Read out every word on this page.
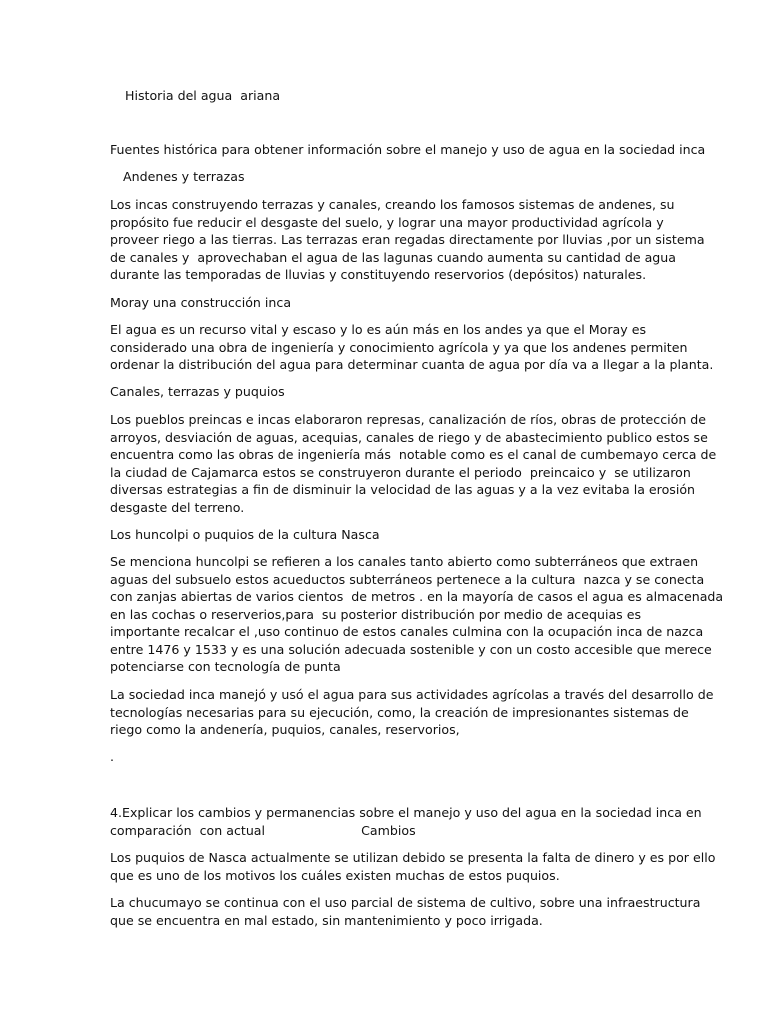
Historia del agua  ariana
Fuentes histórica para obtener información sobre el manejo y uso de agua en la sociedad inca
Andenes y terrazas
Los incas construyendo terrazas y canales, creando los famosos sistemas de andenes, su
propósito fue reducir el desgaste del suelo, y lograr una mayor productividad agrícola y
proveer riego a las tierras. Las terrazas eran regadas directamente por lluvias ,por un sistema
de canales y  aprovechaban el agua de las lagunas cuando aumenta su cantidad de agua
durante las temporadas de lluvias y constituyendo reservorios (depósitos) naturales.
Moray una construcción inca
El agua es un recurso vital y escaso y lo es aún más en los andes ya que el Moray es
considerado una obra de ingeniería y conocimiento agrícola y ya que los andenes permiten
ordenar la distribución del agua para determinar cuanta de agua por día va a llegar a la planta.
Canales, terrazas y puquios
Los pueblos preincas e incas elaboraron represas, canalización de ríos, obras de protección de
arroyos, desviación de aguas, acequias, canales de riego y de abastecimiento publico estos se
encuentra como las obras de ingeniería más  notable como es el canal de cumbemayo cerca de
la ciudad de Cajamarca estos se construyeron durante el periodo  preincaico y  se utilizaron
diversas estrategias a fin de disminuir la velocidad de las aguas y a la vez evitaba la erosión
desgaste del terreno.
Los huncolpi o puquios de la cultura Nasca
Se menciona huncolpi se refieren a los canales tanto abierto como subterráneos que extraen
aguas del subsuelo estos acueductos subterráneos pertenece a la cultura  nazca y se conecta
con zanjas abiertas de varios cientos  de metros . en la mayoría de casos el agua es almacenada
en las cochas o reserverios,para  su posterior distribución por medio de acequias es
importante recalcar el ,uso continuo de estos canales culmina con la ocupación inca de nazca
entre 1476 y 1533 y es una solución adecuada sostenible y con un costo accesible que merece
potenciarse con tecnología de punta
La sociedad inca manejó y usó el agua para sus actividades agrícolas a través del desarrollo de
tecnologías necesarias para su ejecución, como, la creación de impresionantes sistemas de
riego como la andenería, puquios, canales, reservorios,
.
4.Explicar los cambios y permanencias sobre el manejo y uso del agua en la sociedad inca en
comparación  con actual                        Cambios
Los puquios de Nasca actualmente se utilizan debido se presenta la falta de dinero y es por ello
que es uno de los motivos los cuáles existen muchas de estos puquios.
La chucumayo se continua con el uso parcial de sistema de cultivo, sobre una infraestructura
que se encuentra en mal estado, sin mantenimiento y poco irrigada.
